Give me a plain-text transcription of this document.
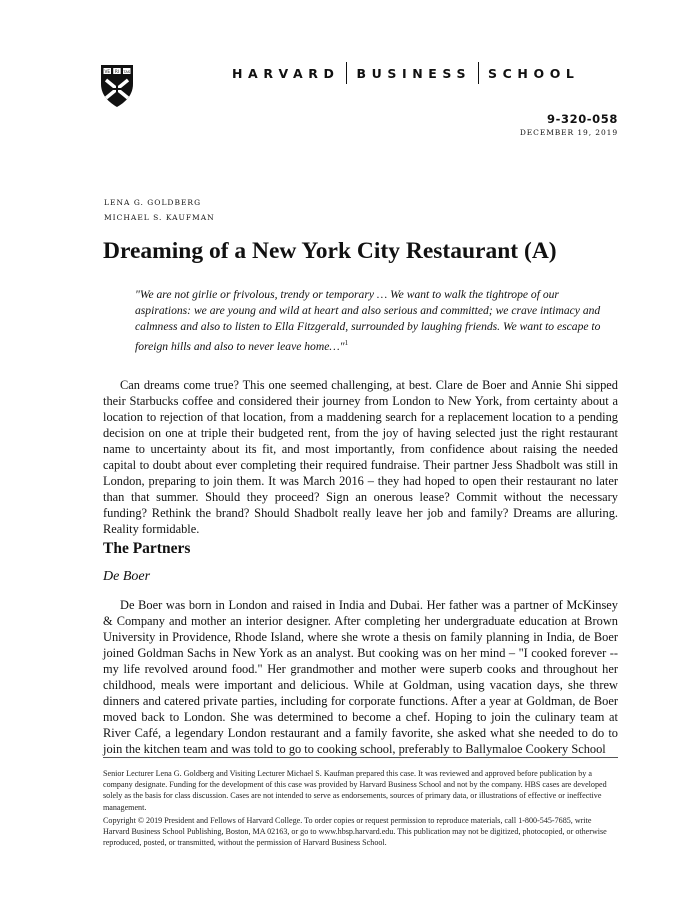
VE RI TAS	HARVARD BUSINESS SCHOOL
9-320-058
DECEMBER 19, 2019
LENA G. GOLDBERG
MICHAEL S. KAUFMAN
Dreaming of a New York City Restaurant (A)

"We are not girlie or frivolous, trendy or temporary … We want to walk the tightrope of our aspirations: we are young and wild at heart and also serious and committed; we crave intimacy and calmness and also to listen to Ella Fitzgerald, surrounded by laughing friends. We want to escape to foreign hills and also to never leave home…"$^1$

Can dreams come true? This one seemed challenging, at best. Clare de Boer and Annie Shi sipped their Starbucks coffee and considered their journey from London to New York, from certainty about a location to rejection of that location, from a maddening search for a replacement location to a pending decision on one at triple their budgeted rent, from the joy of having selected just the right restaurant name to uncertainty about its fit, and most importantly, from confidence about raising the needed capital to doubt about ever completing their required fundraise. Their partner Jess Shadbolt was still in London, preparing to join them. It was March 2016 – they had hoped to open their restaurant no later than that summer. Should they proceed? Sign an onerous lease? Commit without the necessary funding? Rethink the brand? Should Shadbolt really leave her job and family? Dreams are alluring. Reality formidable.

The Partners
De Boer

De Boer was born in London and raised in India and Dubai. Her father was a partner of McKinsey & Company and mother an interior designer. After completing her undergraduate education at Brown University in Providence, Rhode Island, where she wrote a thesis on family planning in India, de Boer joined Goldman Sachs in New York as an analyst. But cooking was on her mind – "I cooked forever -- my life revolved around food." Her grandmother and mother were superb cooks and throughout her childhood, meals were important and delicious. While at Goldman, using vacation days, she threw dinners and catered private parties, including for corporate functions. After a year at Goldman, de Boer moved back to London. She was determined to become a chef. Hoping to join the culinary team at River Café, a legendary London restaurant and a family favorite, she asked what she needed to do to join the kitchen team and was told to go to cooking school, preferably to Ballymaloe Cookery School

Senior Lecturer Lena G. Goldberg and Visiting Lecturer Michael S. Kaufman prepared this case. It was reviewed and approved before publication by a company designate. Funding for the development of this case was provided by Harvard Business School and not by the company. HBS cases are developed solely as the basis for class discussion. Cases are not intended to serve as endorsements, sources of primary data, or illustrations of effective or ineffective management.

Copyright © 2019 President and Fellows of Harvard College. To order copies or request permission to reproduce materials, call 1-800-545-7685, write Harvard Business School Publishing, Boston, MA 02163, or go to www.hbsp.harvard.edu. This publication may not be digitized, photocopied, or otherwise reproduced, posted, or transmitted, without the permission of Harvard Business School.
